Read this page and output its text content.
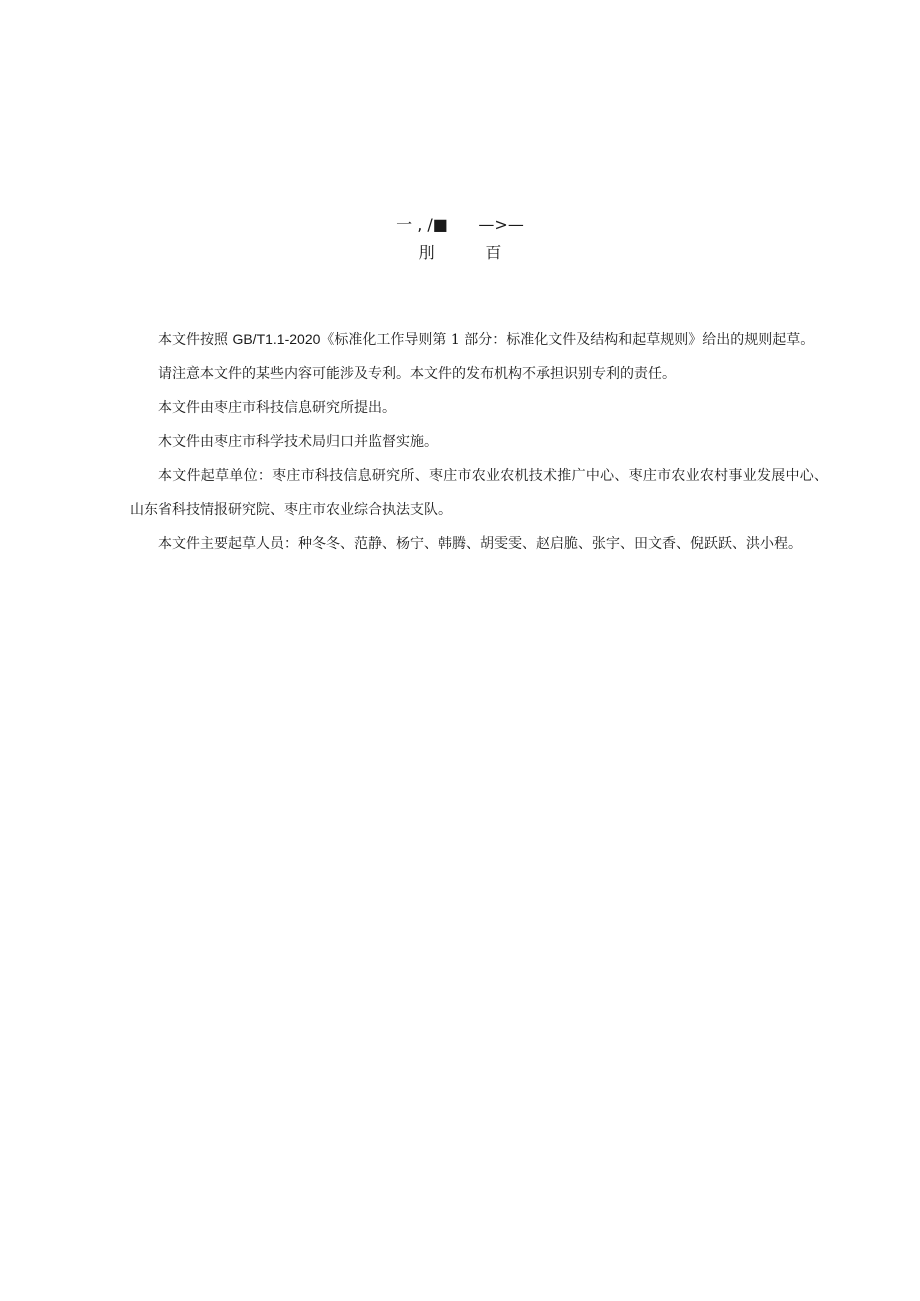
一 , /■      —>—
刖          百

本文件按照 GB/T1.1-2020《标准化工作导则第 1 部分：标准化文件及结构和起草规则》给出的规则起草。

请注意本文件的某些内容可能涉及专利。本文件的发布机构不承担识别专利的责任。

本文件由枣庄市科技信息研究所提出。

木文件由枣庄市科学技术局归口并监督实施。

本文件起草单位：枣庄市科技信息研究所、枣庄市农业农机技术推广中心、枣庄市农业农村事业发展中心、山东省科技情报研究院、枣庄市农业综合执法支队。

本文件主要起草人员：种冬冬、范静、杨宁、韩腾、胡雯雯、赵启脆、张宇、田文香、倪跃跃、洪小程。
